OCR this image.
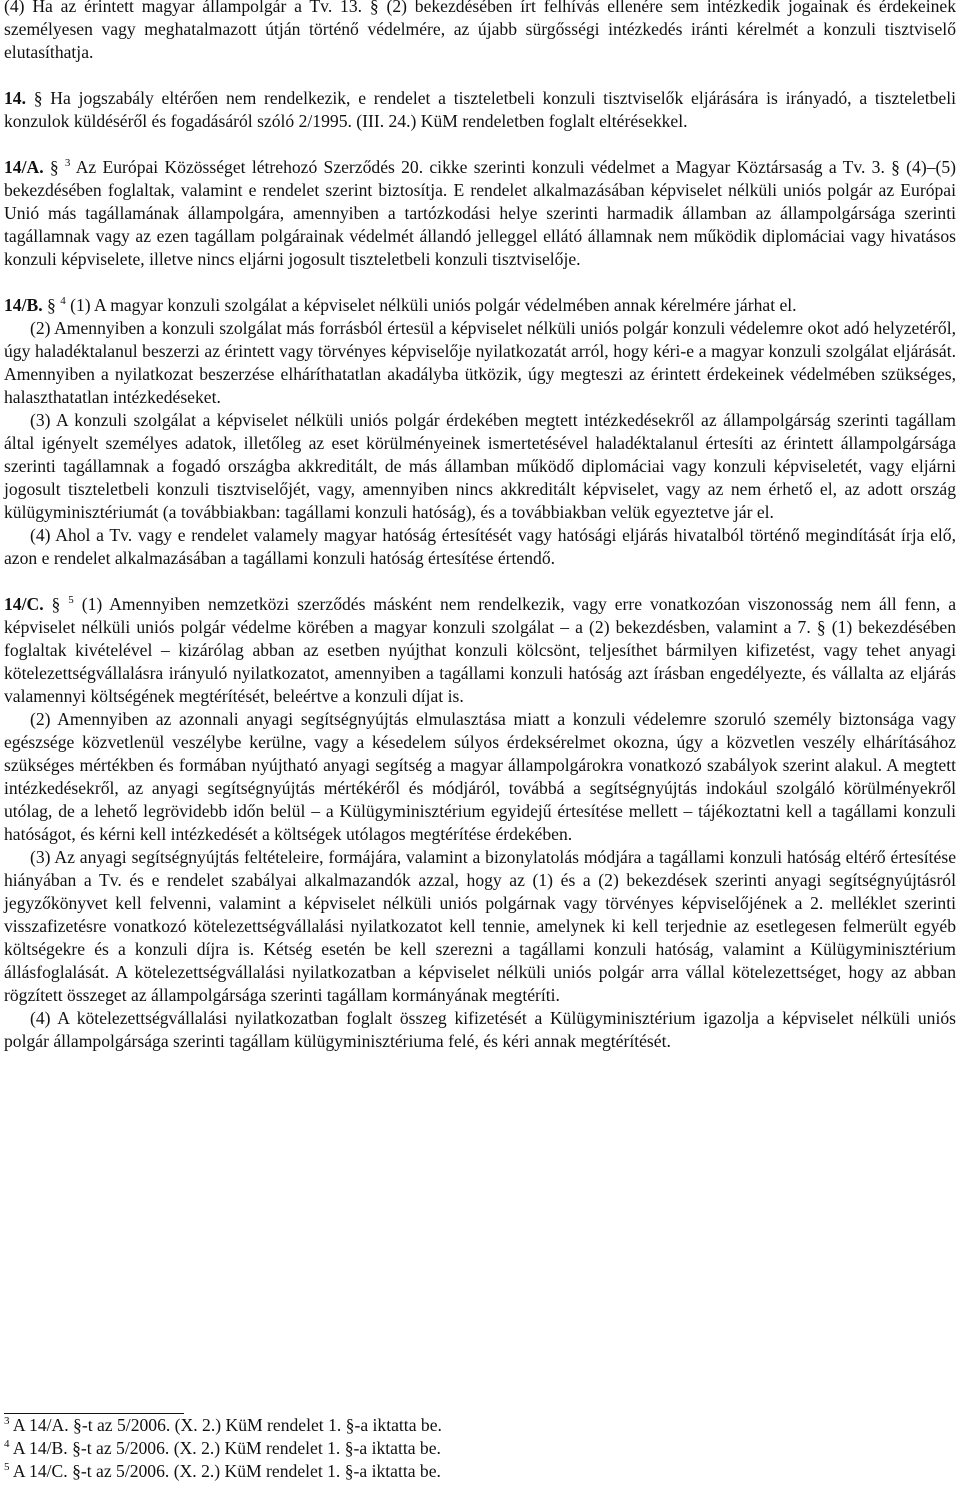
(4) Ha az érintett magyar állampolgár a Tv. 13. § (2) bekezdésében írt felhívás ellenére sem intézkedik jogainak és érdekeinek személyesen vagy meghatalmazott útján történő védelmére, az újabb sürgősségi intézkedés iránti kérelmét a konzuli tisztviselő elutasíthatja.

14. § Ha jogszabály eltérően nem rendelkezik, e rendelet a tiszteletbeli konzuli tisztviselők eljárására is irányadó, a tiszteletbeli konzulok küldéséről és fogadásáról szóló 2/1995. (III. 24.) KüM rendeletben foglalt eltérésekkel.

14/A. § $^3$ Az Európai Közösséget létrehozó Szerződés 20. cikke szerinti konzuli védelmet a Magyar Köztársaság a Tv. 3. § (4)–(5) bekezdésében foglaltak, valamint e rendelet szerint biztosítja. E rendelet alkalmazásában képviselet nélküli uniós polgár az Európai Unió más tagállamának állampolgára, amennyiben a tartózkodási helye szerinti harmadik államban az állampolgársága szerinti tagállamnak vagy az ezen tagállam polgárainak védelmét állandó jelleggel ellátó államnak nem működik diplomáciai vagy hivatásos konzuli képviselete, illetve nincs eljárni jogosult tiszteletbeli konzuli tisztviselője.

14/B. § $^4$ (1) A magyar konzuli szolgálat a képviselet nélküli uniós polgár védelmében annak kérelmére járhat el.

(2) Amennyiben a konzuli szolgálat más forrásból értesül a képviselet nélküli uniós polgár konzuli védelemre okot adó helyzetéről, úgy haladéktalanul beszerzi az érintett vagy törvényes képviselője nyilatkozatát arról, hogy kéri-e a magyar konzuli szolgálat eljárását. Amennyiben a nyilatkozat beszerzése elháríthatatlan akadályba ütközik, úgy megteszi az érintett érdekeinek védelmében szükséges, halaszthatatlan intézkedéseket.

(3) A konzuli szolgálat a képviselet nélküli uniós polgár érdekében megtett intézkedésekről az állampolgárság szerinti tagállam által igényelt személyes adatok, illetőleg az eset körülményeinek ismertetésével haladéktalanul értesíti az érintett állampolgársága szerinti tagállamnak a fogadó országba akkreditált, de más államban működő diplomáciai vagy konzuli képviseletét, vagy eljárni jogosult tiszteletbeli konzuli tisztviselőjét, vagy, amennyiben nincs akkreditált képviselet, vagy az nem érhető el, az adott ország külügyminisztériumát (a továbbiakban: tagállami konzuli hatóság), és a továbbiakban velük egyeztetve jár el.

(4) Ahol a Tv. vagy e rendelet valamely magyar hatóság értesítését vagy hatósági eljárás hivatalból történő megindítását írja elő, azon e rendelet alkalmazásában a tagállami konzuli hatóság értesítése értendő.

14/C. § $^5$ (1) Amennyiben nemzetközi szerződés másként nem rendelkezik, vagy erre vonatkozóan viszonosság nem áll fenn, a képviselet nélküli uniós polgár védelme körében a magyar konzuli szolgálat – a (2) bekezdésben, valamint a 7. § (1) bekezdésében foglaltak kivételével – kizárólag abban az esetben nyújthat konzuli kölcsönt, teljesíthet bármilyen kifizetést, vagy tehet anyagi kötelezettségvállalásra irányuló nyilatkozatot, amennyiben a tagállami konzuli hatóság azt írásban engedélyezte, és vállalta az eljárás valamennyi költségének megtérítését, beleértve a konzuli díjat is.

(2) Amennyiben az azonnali anyagi segítségnyújtás elmulasztása miatt a konzuli védelemre szoruló személy biztonsága vagy egészsége közvetlenül veszélybe kerülne, vagy a késedelem súlyos érdeksérelmet okozna, úgy a közvetlen veszély elhárításához szükséges mértékben és formában nyújtható anyagi segítség a magyar állampolgárokra vonatkozó szabályok szerint alakul. A megtett intézkedésekről, az anyagi segítségnyújtás mértékéről és módjáról, továbbá a segítségnyújtás indokául szolgáló körülményekről utólag, de a lehető legrövidebb időn belül – a Külügyminisztérium egyidejű értesítése mellett – tájékoztatni kell a tagállami konzuli hatóságot, és kérni kell intézkedését a költségek utólagos megtérítése érdekében.

(3) Az anyagi segítségnyújtás feltételeire, formájára, valamint a bizonylatolás módjára a tagállami konzuli hatóság eltérő értesítése hiányában a Tv. és e rendelet szabályai alkalmazandók azzal, hogy az (1) és a (2) bekezdések szerinti anyagi segítségnyújtásról jegyzőkönyvet kell felvenni, valamint a képviselet nélküli uniós polgárnak vagy törvényes képviselőjének a 2. melléklet szerinti visszafizetésre vonatkozó kötelezettségvállalási nyilatkozatot kell tennie, amelynek ki kell terjednie az esetlegesen felmerült egyéb költségekre és a konzuli díjra is. Kétség esetén be kell szerezni a tagállami konzuli hatóság, valamint a Külügyminisztérium állásfoglalását. A kötelezettségvállalási nyilatkozatban a képviselet nélküli uniós polgár arra vállal kötelezettséget, hogy az abban rögzített összeget az állampolgársága szerinti tagállam kormányának megtéríti.

(4) A kötelezettségvállalási nyilatkozatban foglalt összeg kifizetését a Külügyminisztérium igazolja a képviselet nélküli uniós polgár állampolgársága szerinti tagállam külügyminisztériuma felé, és kéri annak megtérítését.

$^3$ A 14/A. §-t az 5/2006. (X. 2.) KüM rendelet 1. §-a iktatta be.

$^4$ A 14/B. §-t az 5/2006. (X. 2.) KüM rendelet 1. §-a iktatta be.

$^5$ A 14/C. §-t az 5/2006. (X. 2.) KüM rendelet 1. §-a iktatta be.
